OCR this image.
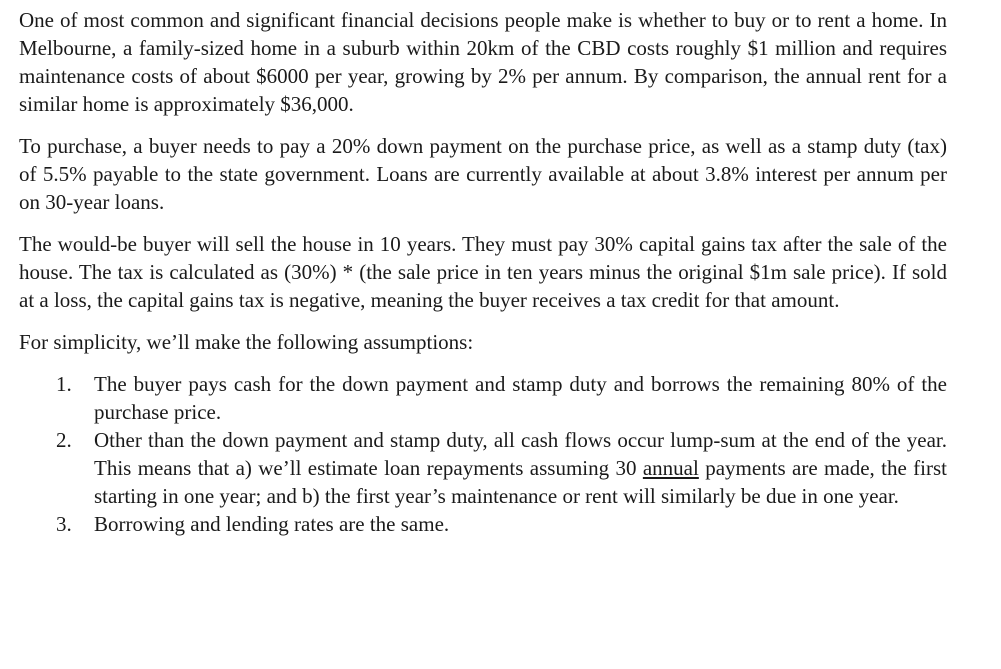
One of most common and significant financial decisions people make is whether to buy or to rent a home. In Melbourne, a family-sized home in a suburb within 20km of the CBD costs roughly $1 million and requires maintenance costs of about $6000 per year, growing by 2% per annum. By comparison, the annual rent for a similar home is approximately $36,000.

To purchase, a buyer needs to pay a 20% down payment on the purchase price, as well as a stamp duty (tax) of 5.5% payable to the state government. Loans are currently available at about 3.8% interest per annum per on 30-year loans.

The would-be buyer will sell the house in 10 years. They must pay 30% capital gains tax after the sale of the house. The tax is calculated as (30%) * (the sale price in ten years minus the original $1m sale price). If sold at a loss, the capital gains tax is negative, meaning the buyer receives a tax credit for that amount.

For simplicity, we’ll make the following assumptions:

1. The buyer pays cash for the down payment and stamp duty and borrows the remaining 80% of the purchase price.
2. Other than the down payment and stamp duty, all cash flows occur lump-sum at the end of the year. This means that a) we’ll estimate loan repayments assuming 30 annual payments are made, the first starting in one year; and b) the first year’s maintenance or rent will similarly be due in one year.
3. Borrowing and lending rates are the same.
